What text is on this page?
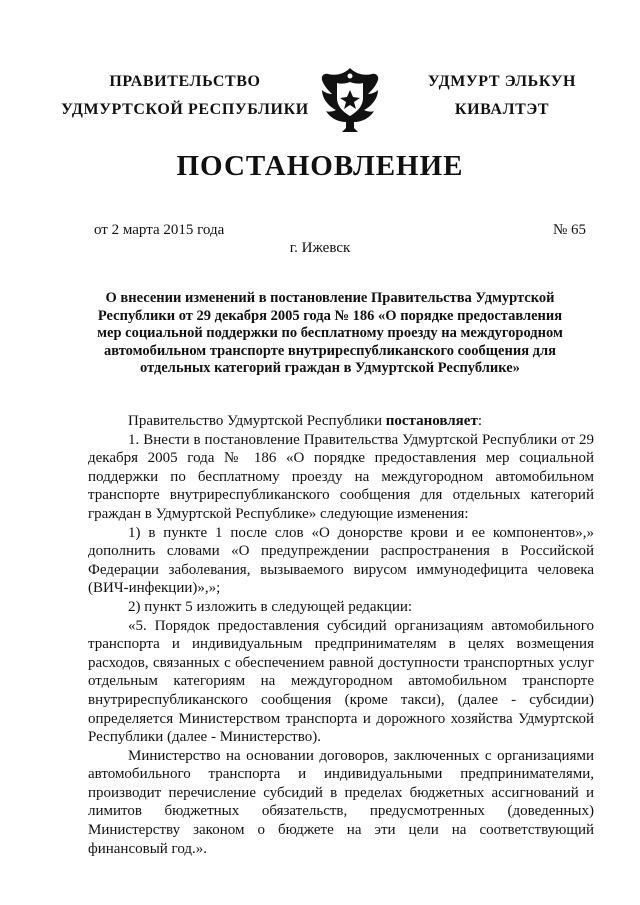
ПРАВИТЕЛЬСТВО
УДМУРТСКОЙ РЕСПУБЛИКИ
УДМУРТ ЭЛЬКУН
КИВАЛТЭТ
ПОСТАНОВЛЕНИЕ
от 2 марта 2015 года	№ 65
г. Ижевск
О внесении изменений в постановление Правительства Удмуртской
Республики от 29 декабря 2005 года № 186 «О порядке предоставления
мер социальной поддержки по бесплатному проезду на междугородном
автомобильном транспорте внутриреспубликанского сообщения для
отдельных категорий граждан в Удмуртской Республике»

Правительство Удмуртской Республики постановляет:

1. Внести в постановление Правительства Удмуртской Республики от 29 декабря 2005 года № 186 «О порядке предоставления мер социальной поддержки по бесплатному проезду на междугородном автомобильном транспорте внутриреспубликанского сообщения для отдельных категорий граждан в Удмуртской Республике» следующие изменения:

1) в пункте 1 после слов «О донорстве крови и ее компонентов»,» дополнить словами «О предупреждении распространения в Российской Федерации заболевания, вызываемого вирусом иммунодефицита человека (ВИЧ-инфекции)»,»;

2) пункт 5 изложить в следующей редакции:

«5. Порядок предоставления субсидий организациям автомобильного транспорта и индивидуальным предпринимателям в целях возмещения расходов, связанных с обеспечением равной доступности транспортных услуг отдельным категориям на междугородном автомобильном транспорте внутриреспубликанского сообщения (кроме такси), (далее - субсидии) определяется Министерством транспорта и дорожного хозяйства Удмуртской Республики (далее - Министерство).

Министерство на основании договоров, заключенных с организациями автомобильного транспорта и индивидуальными предпринимателями, производит перечисление субсидий в пределах бюджетных ассигнований и лимитов бюджетных обязательств, предусмотренных (доведенных) Министерству законом о бюджете на эти цели на соответствующий финансовый год.».
